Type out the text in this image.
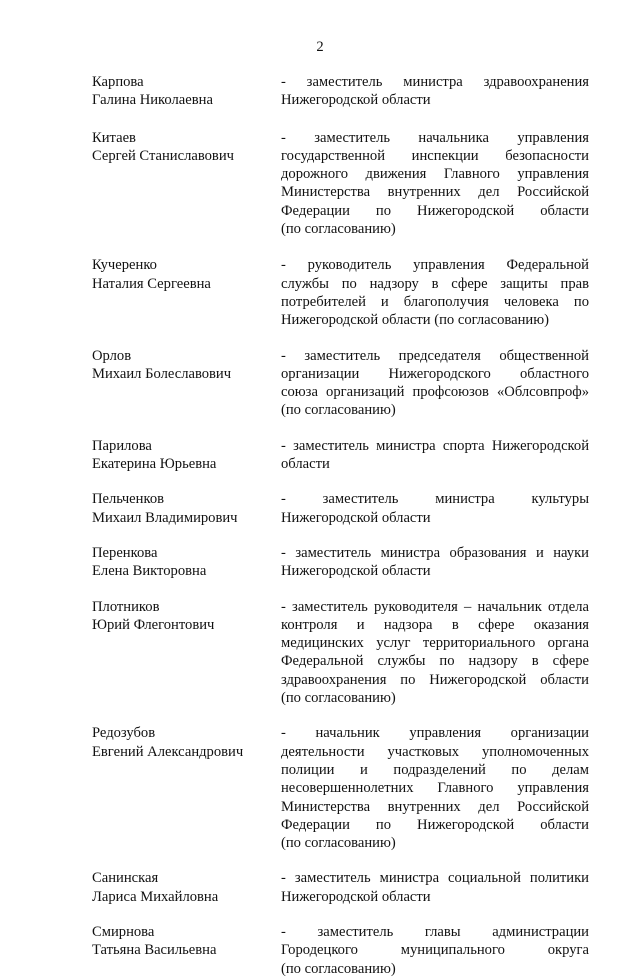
2
Карпова
Галина Николаевна
- заместитель министра здравоохранения
Нижегородской области
Китаев
Сергей Станиславович
- заместитель начальника управления
государственной инспекции безопасности
дорожного движения Главного управления
Министерства внутренних дел Российской
Федерации по Нижегородской области
(по согласованию)
Кучеренко
Наталия Сергеевна
- руководитель управления Федеральной
службы по надзору в сфере защиты прав
потребителей и благополучия человека по
Нижегородской области (по согласованию)
Орлов
Михаил Болеславович
- заместитель председателя общественной
организации Нижегородского областного
союза организаций профсоюзов «Облсовпроф»
(по согласованию)
Парилова
Екатерина Юрьевна
- заместитель министра спорта Нижегородской
области
Пельченков
Михаил Владимирович
- заместитель министра культуры
Нижегородской области
Перенкова
Елена Викторовна
- заместитель министра образования и науки
Нижегородской области
Плотников
Юрий Флегонтович
- заместитель руководителя – начальник отдела
контроля и надзора в сфере оказания
медицинских услуг территориального органа
Федеральной службы по надзору в сфере
здравоохранения по Нижегородской области
(по согласованию)
Редозубов
Евгений Александрович
- начальник управления организации
деятельности участковых уполномоченных
полиции и подразделений по делам
несовершеннолетних Главного управления
Министерства внутренних дел Российской
Федерации по Нижегородской области
(по согласованию)
Санинская
Лариса Михайловна
- заместитель министра социальной политики
Нижегородской области
Смирнова
Татьяна Васильевна
- заместитель главы администрации
Городецкого муниципального округа
(по согласованию)
